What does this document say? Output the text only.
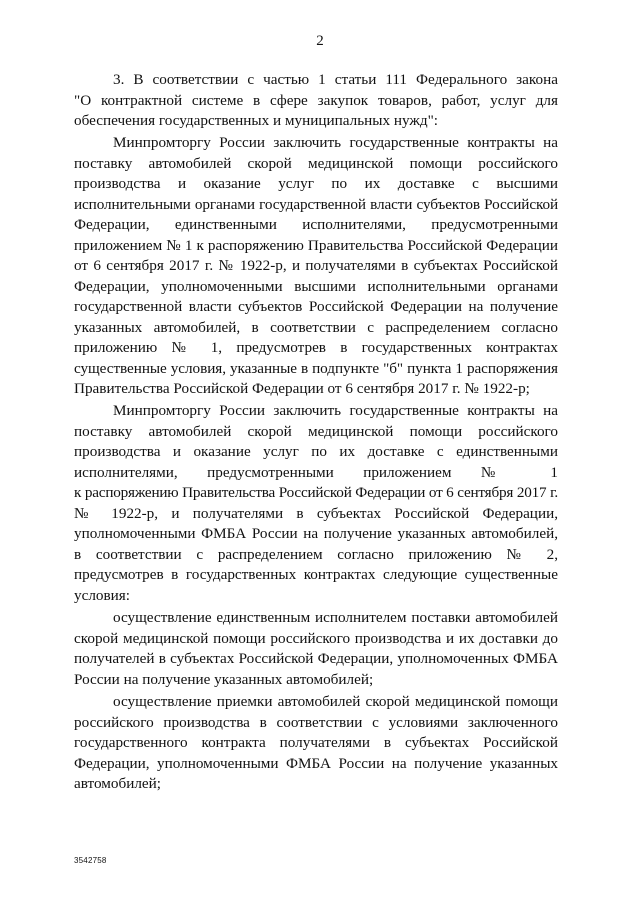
2
3. В соответствии с частью 1 статьи 111 Федерального закона
"О контрактной системе в сфере закупок товаров, работ, услуг для
обеспечения государственных и муниципальных нужд":
Минпромторгу России заключить государственные контракты на
поставку автомобилей скорой медицинской помощи российского
производства и оказание услуг по их доставке с высшими
исполнительными органами государственной власти субъектов Российской
Федерации, единственными исполнителями, предусмотренными
приложением № 1 к распоряжению Правительства Российской Федерации
от 6 сентября 2017 г. № 1922-р, и получателями в субъектах Российской
Федерации, уполномоченными высшими исполнительными органами
государственной власти субъектов Российской Федерации на получение
указанных автомобилей, в соответствии с распределением согласно
приложению № 1, предусмотрев в государственных контрактах
существенные условия, указанные в подпункте "б" пункта 1 распоряжения
Правительства Российской Федерации от 6 сентября 2017 г. № 1922-р;
Минпромторгу России заключить государственные контракты на
поставку автомобилей скорой медицинской помощи российского
производства и оказание услуг по их доставке с единственными
исполнителями, предусмотренными приложением № 1
к распоряжению Правительства Российской Федерации от 6 сентября 2017 г.
№ 1922-р, и получателями в субъектах Российской Федерации,
уполномоченными ФМБА России на получение указанных автомобилей,
в соответствии с распределением согласно приложению № 2,
предусмотрев в государственных контрактах следующие существенные
условия:
осуществление единственным исполнителем поставки автомобилей
скорой медицинской помощи российского производства и их доставки до
получателей в субъектах Российской Федерации, уполномоченных ФМБА
России на получение указанных автомобилей;
осуществление приемки автомобилей скорой медицинской помощи
российского производства в соответствии с условиями заключенного
государственного контракта получателями в субъектах Российской
Федерации, уполномоченными ФМБА России на получение указанных
автомобилей;
3542758
